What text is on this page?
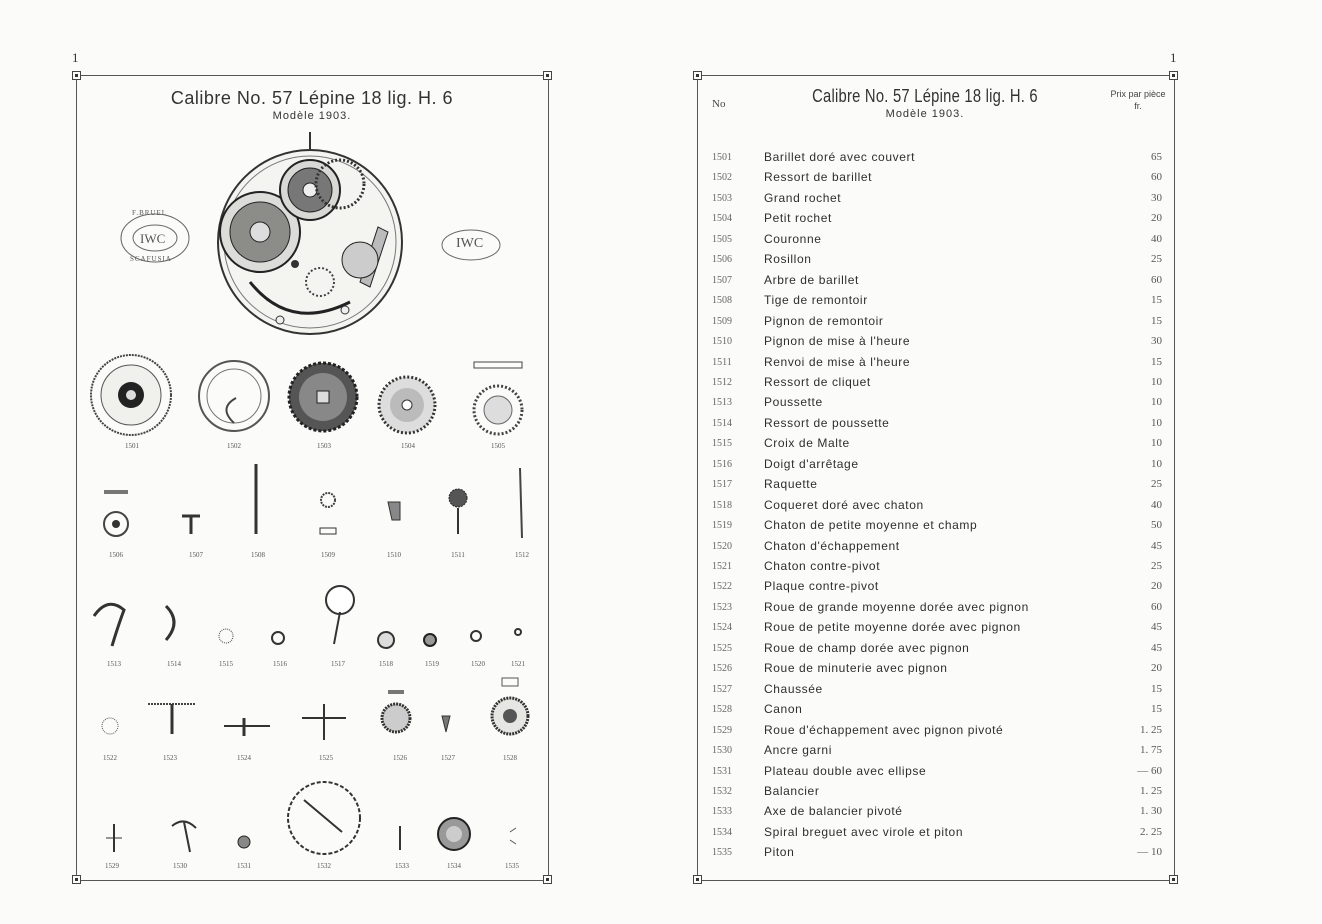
1
Calibre No. 57 Lépine 18 lig. H. 6
Modèle 1903.
F.BRUEL
IWC
SCAFUSIA
IWC
1501	1502	1503	1504	1505
1506	1507	1508	1509	1510	1511	1512
1513	1514	1515	1516	1517	1518	1519	1520	1521
1522	1523	1524	1525	1526	1527	1528
1529	1530	1531	1532	1533	1534	1535
1
No	Calibre No. 57 Lépine 18 lig. H. 6
Modèle 1903.
Prix par pièce
fr.
1501	Barillet doré avec couvert	65
1502	Ressort de barillet	60
1503	Grand rochet	30
1504	Petit rochet	20
1505	Couronne	40
1506	Rosillon	25
1507	Arbre de barillet	60
1508	Tige de remontoir	15
1509	Pignon de remontoir	15
1510	Pignon de mise à l'heure	30
1511	Renvoi de mise à l'heure	15
1512	Ressort de cliquet	10
1513	Poussette	10
1514	Ressort de poussette	10
1515	Croix de Malte	10
1516	Doigt d'arrêtage	10
1517	Raquette	25
1518	Coqueret doré avec chaton	40
1519	Chaton de petite moyenne et champ	50
1520	Chaton d'échappement	45
1521	Chaton contre-pivot	25
1522	Plaque contre-pivot	20
1523	Roue de grande moyenne dorée avec pignon	60
1524	Roue de petite moyenne dorée avec pignon	45
1525	Roue de champ dorée avec pignon	45
1526	Roue de minuterie avec pignon	20
1527	Chaussée	15
1528	Canon	15
1529	Roue d'échappement avec pignon pivoté	1. 25
1530	Ancre garni	1. 75
1531	Plateau double avec ellipse	— 60
1532	Balancier	1. 25
1533	Axe de balancier pivoté	1. 30
1534	Spiral breguet avec virole et piton	2. 25
1535	Piton	— 10
